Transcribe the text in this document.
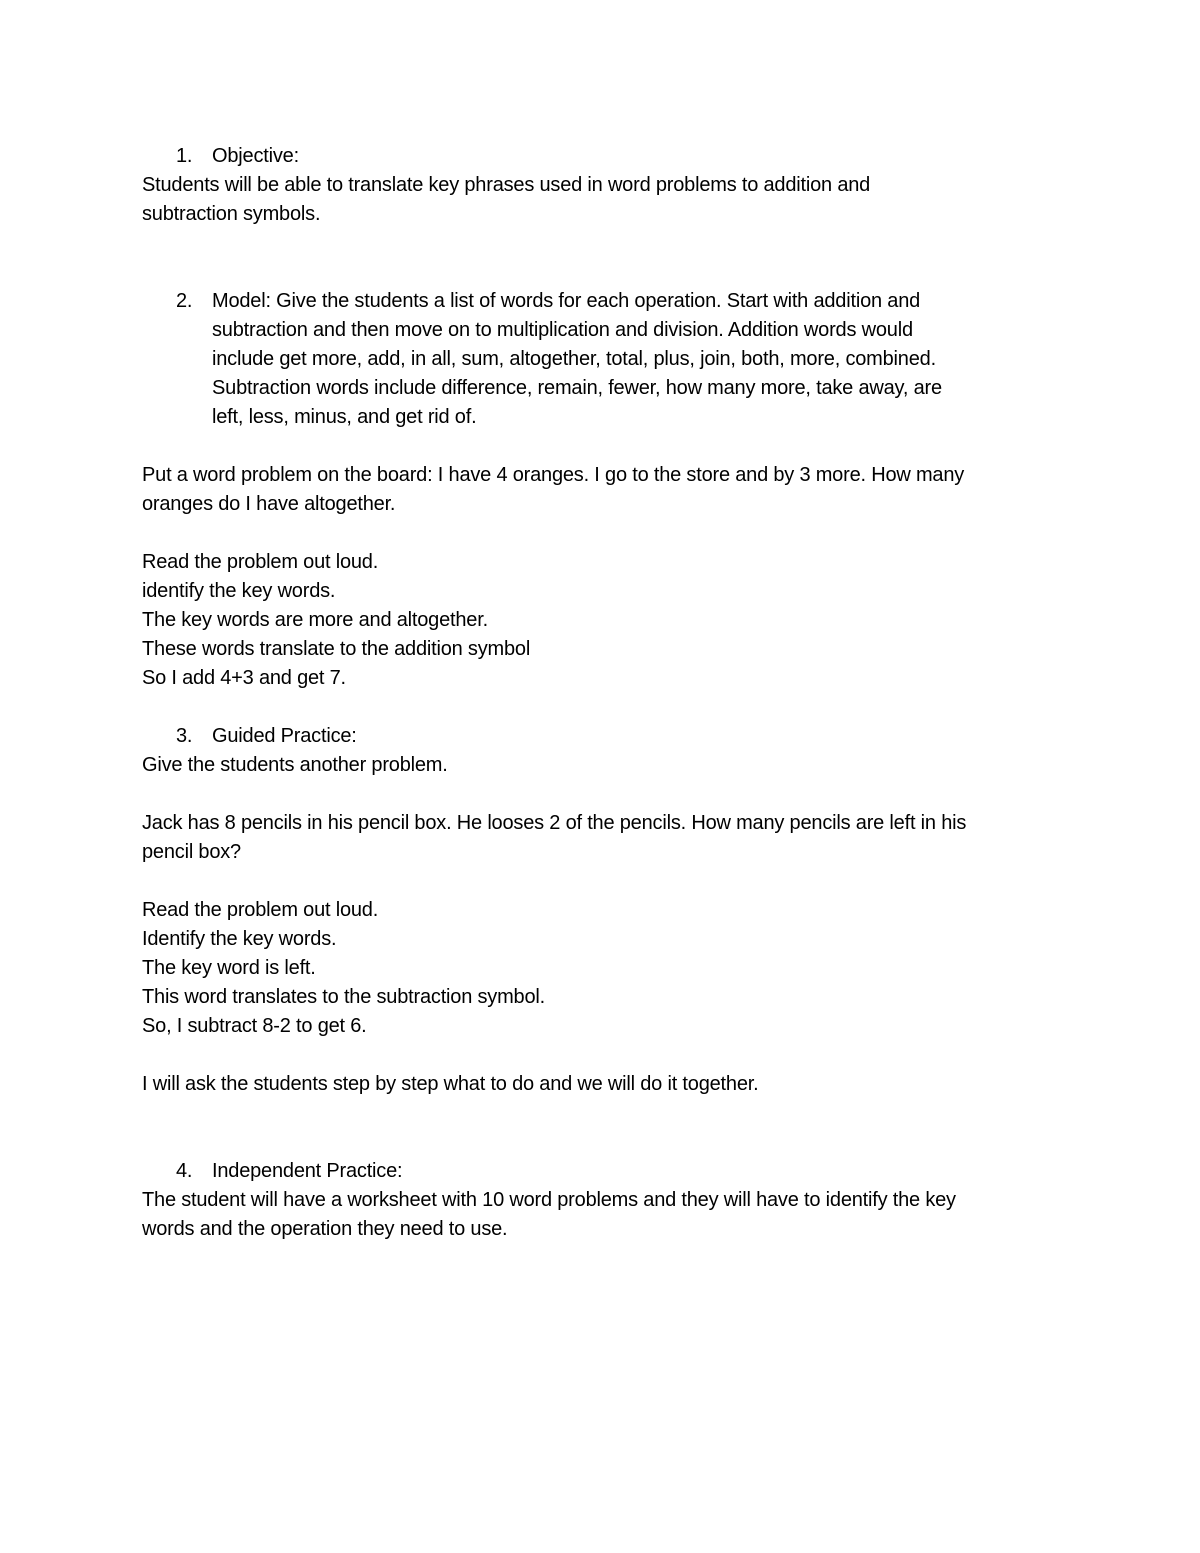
1. Objective:
Students will be able to translate key phrases used in word problems to addition and
subtraction symbols.
2. Model: Give the students a list of words for each operation. Start with addition and
subtraction and then move on to multiplication and division. Addition words would
include get more, add, in all, sum, altogether, total, plus, join, both, more, combined.
Subtraction words include difference, remain, fewer, how many more, take away, are
left, less, minus, and get rid of.
Put a word problem on the board: I have 4 oranges. I go to the store and by 3 more. How many
oranges do I have altogether.
Read the problem out loud.
identify the key words.
The key words are more and altogether.
These words translate to the addition symbol
So I add 4+3 and get 7.
3. Guided Practice:
Give the students another problem.
Jack has 8 pencils in his pencil box. He looses 2 of the pencils. How many pencils are left in his
pencil box?
Read the problem out loud.
Identify the key words.
The key word is left.
This word translates to the subtraction symbol.
So, I subtract 8-2 to get 6.
I will ask the students step by step what to do and we will do it together.
4. Independent Practice:
The student will have a worksheet with 10 word problems and they will have to identify the key
words and the operation they need to use.
